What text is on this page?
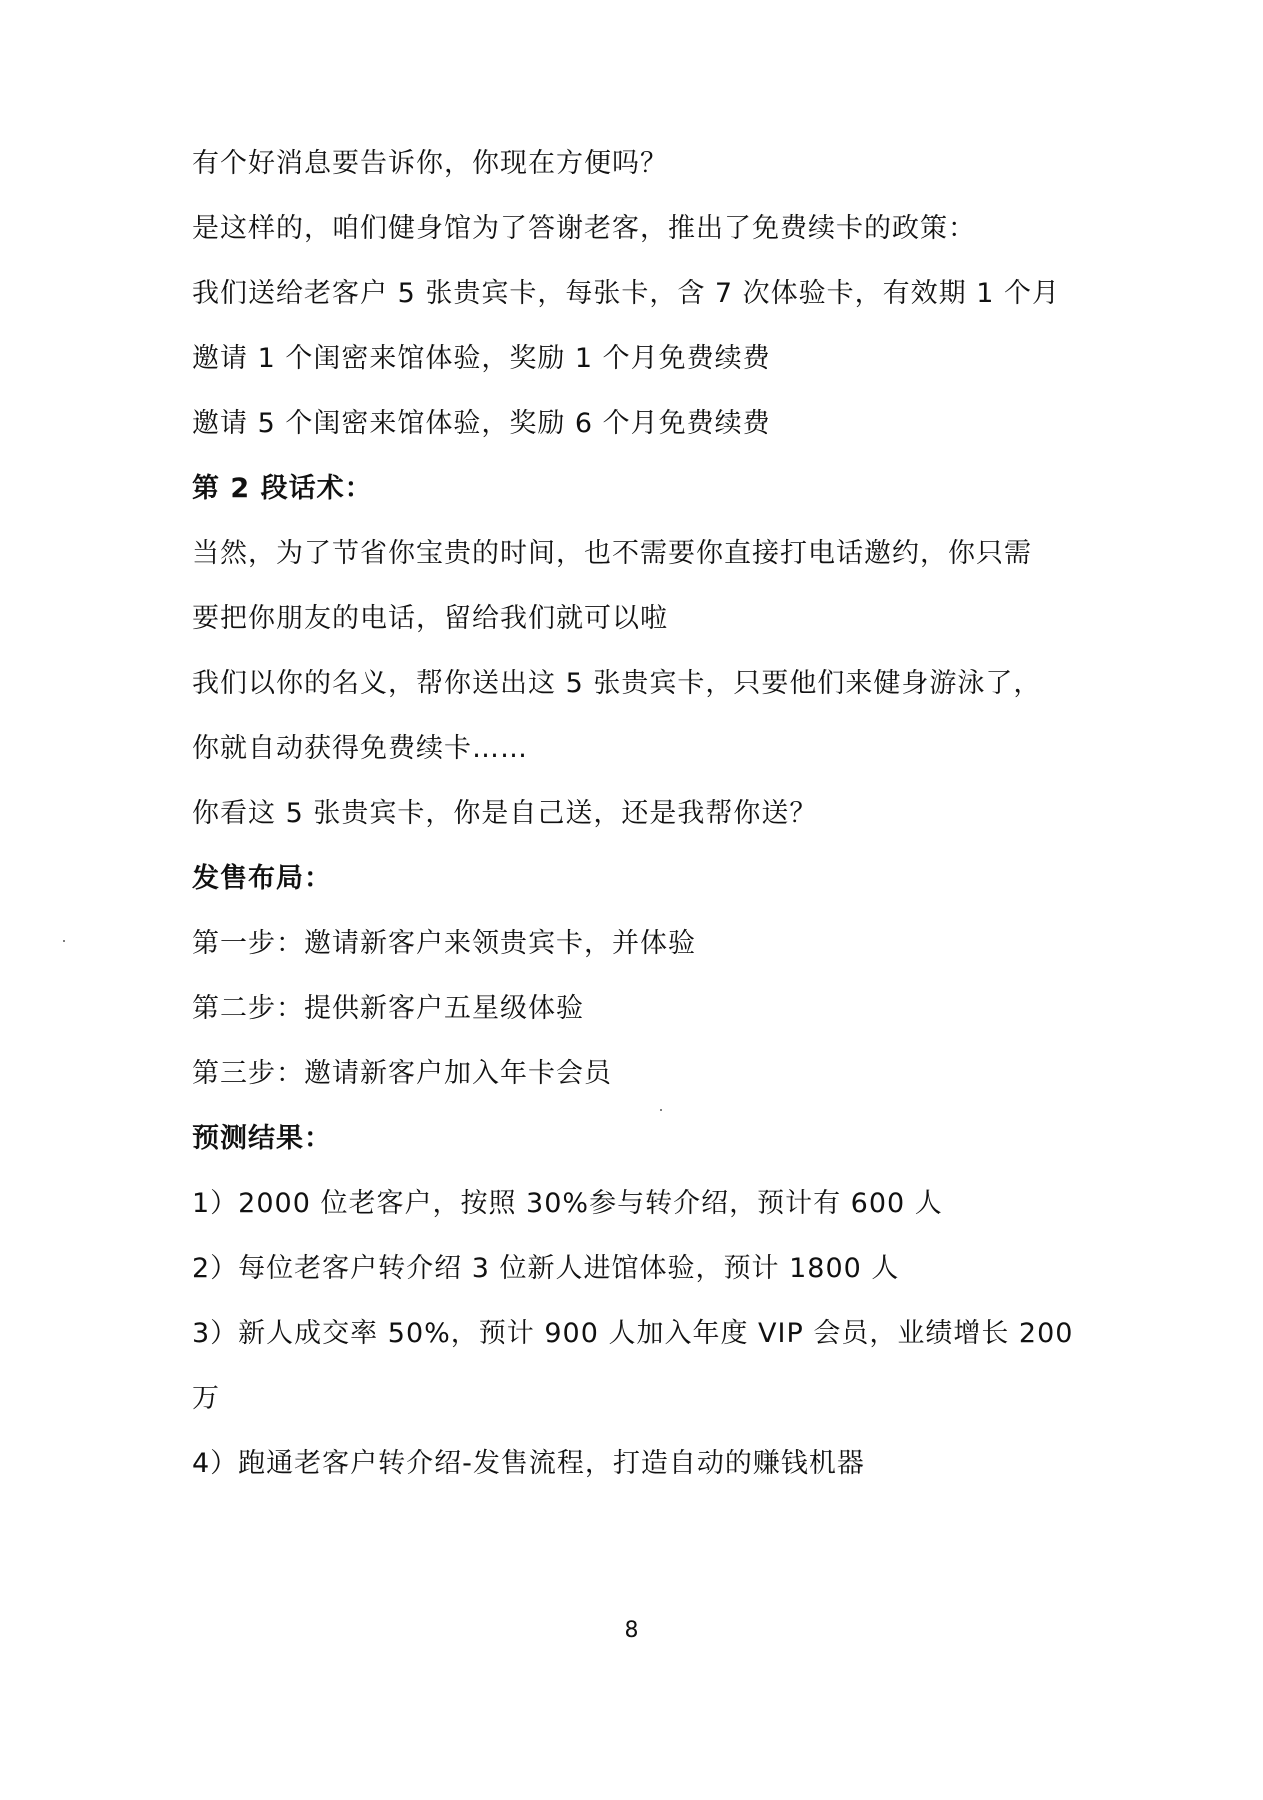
有个好消息要告诉你，你现在方便吗？
是这样的，咱们健身馆为了答谢老客，推出了免费续卡的政策：
我们送给老客户 5 张贵宾卡，每张卡，含 7 次体验卡，有效期 1 个月
邀请 1 个闺密来馆体验，奖励 1 个月免费续费
邀请 5 个闺密来馆体验，奖励 6 个月免费续费
第 2 段话术：
当然，为了节省你宝贵的时间，也不需要你直接打电话邀约，你只需
要把你朋友的电话，留给我们就可以啦
我们以你的名义，帮你送出这 5 张贵宾卡，只要他们来健身游泳了，
你就自动获得免费续卡……
你看这 5 张贵宾卡，你是自己送，还是我帮你送？
发售布局：
第一步：邀请新客户来领贵宾卡，并体验
第二步：提供新客户五星级体验
第三步：邀请新客户加入年卡会员
预测结果：
1）2000 位老客户，按照 30%参与转介绍，预计有 600 人
2）每位老客户转介绍 3 位新人进馆体验，预计 1800 人
3）新人成交率 50%，预计 900 人加入年度 VIP 会员，业绩增长 200
万
4）跑通老客户转介绍-发售流程，打造自动的赚钱机器
8
